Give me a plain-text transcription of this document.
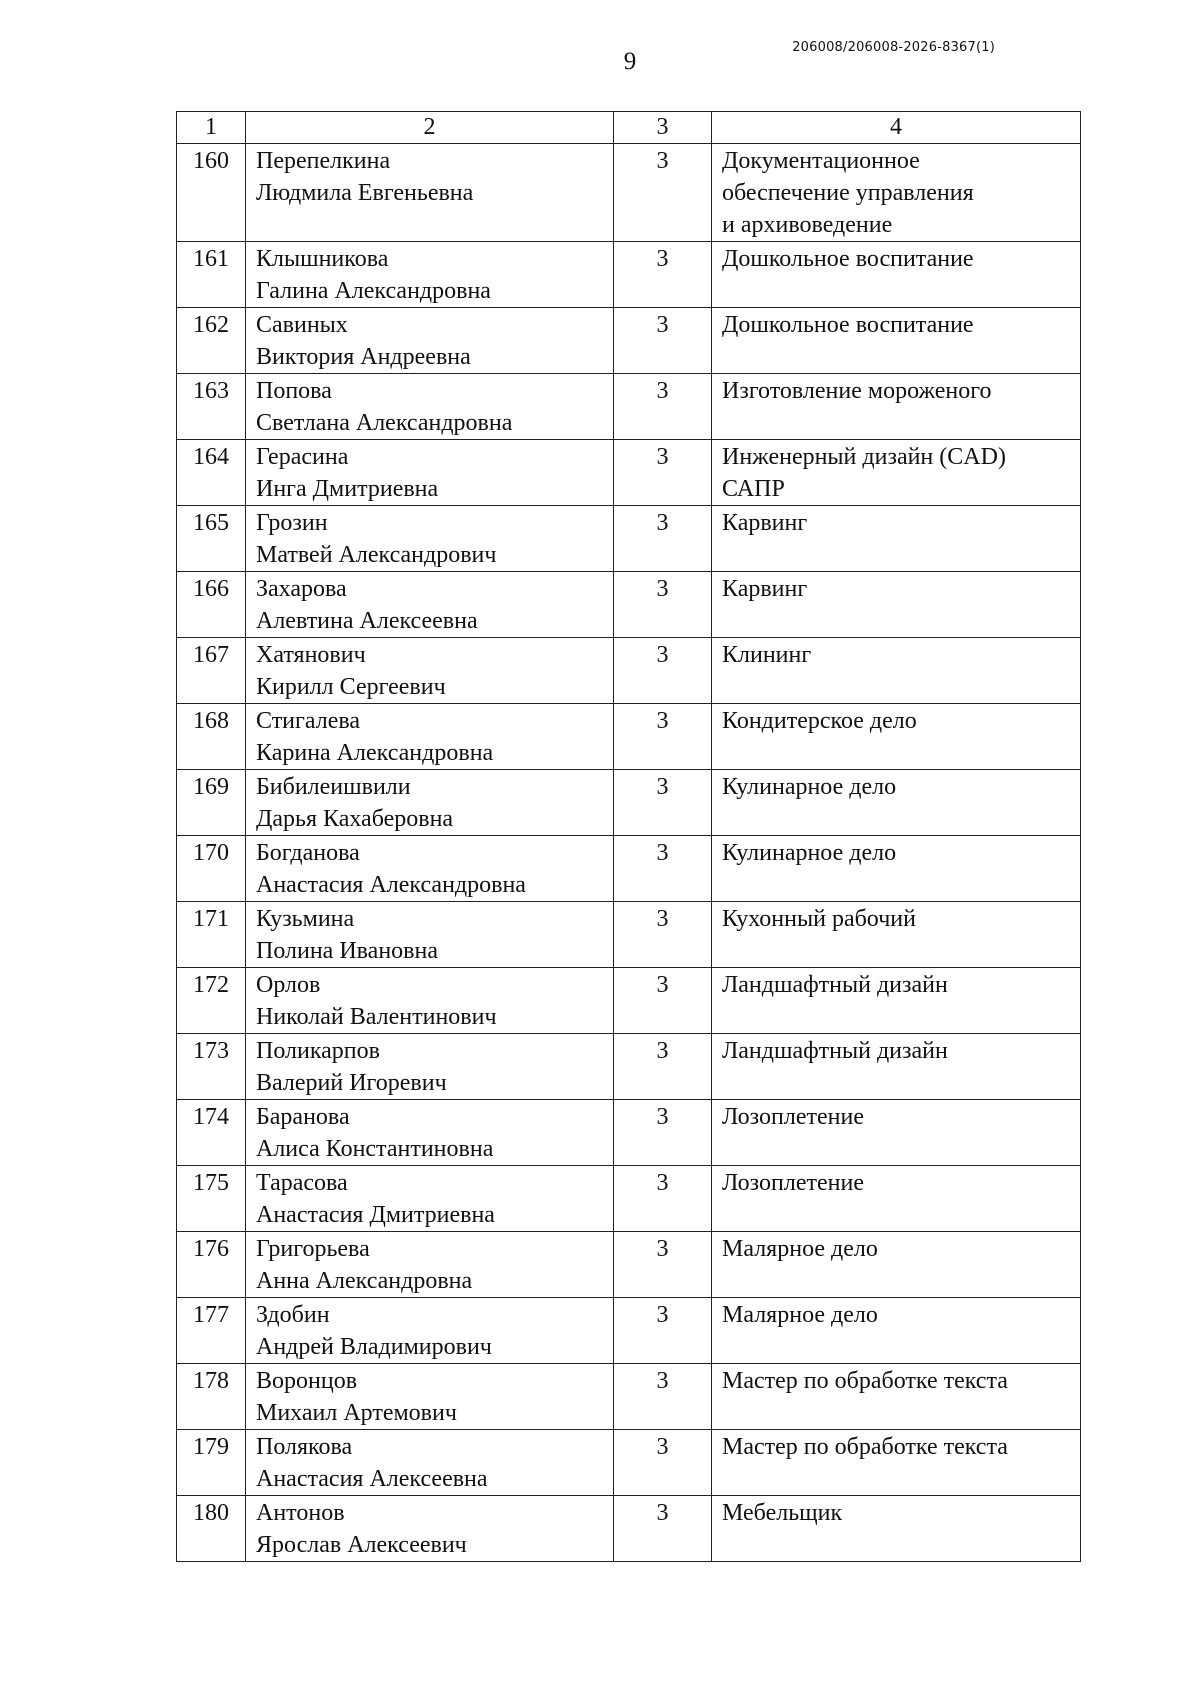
9
206008/206008-2026-8367(1)
1	2	3	4
160	Перепелкина
Людмила Евгеньевна	3	Документационное
обеспечение управления
и архивоведение

161	Клышникова
Галина Александровна	3	Дошкольное воспитание

162	Савиных
Виктория Андреевна	3	Дошкольное воспитание

163	Попова
Светлана Александровна	3	Изготовление мороженого

164	Герасина
Инга Дмитриевна	3	Инженерный дизайн (CAD)
САПР

165	Грозин
Матвей Александрович	3	Карвинг

166	Захарова
Алевтина Алексеевна	3	Карвинг

167	Хатянович
Кирилл Сергеевич	3	Клининг

168	Стигалева
Карина Александровна	3	Кондитерское дело

169	Бибилеишвили
Дарья Кахаберовна	3	Кулинарное дело

170	Богданова
Анастасия Александровна	3	Кулинарное дело

171	Кузьмина
Полина Ивановна	3	Кухонный рабочий

172	Орлов
Николай Валентинович	3	Ландшафтный дизайн

173	Поликарпов
Валерий Игоревич	3	Ландшафтный дизайн

174	Баранова
Алиса Константиновна	3	Лозоплетение

175	Тарасова
Анастасия Дмитриевна	3	Лозоплетение

176	Григорьева
Анна Александровна	3	Малярное дело

177	Здобин
Андрей Владимирович	3	Малярное дело

178	Воронцов
Михаил Артемович	3	Мастер по обработке текста

179	Полякова
Анастасия Алексеевна	3	Мастер по обработке текста

180	Антонов
Ярослав Алексеевич	3	Мебельщик
